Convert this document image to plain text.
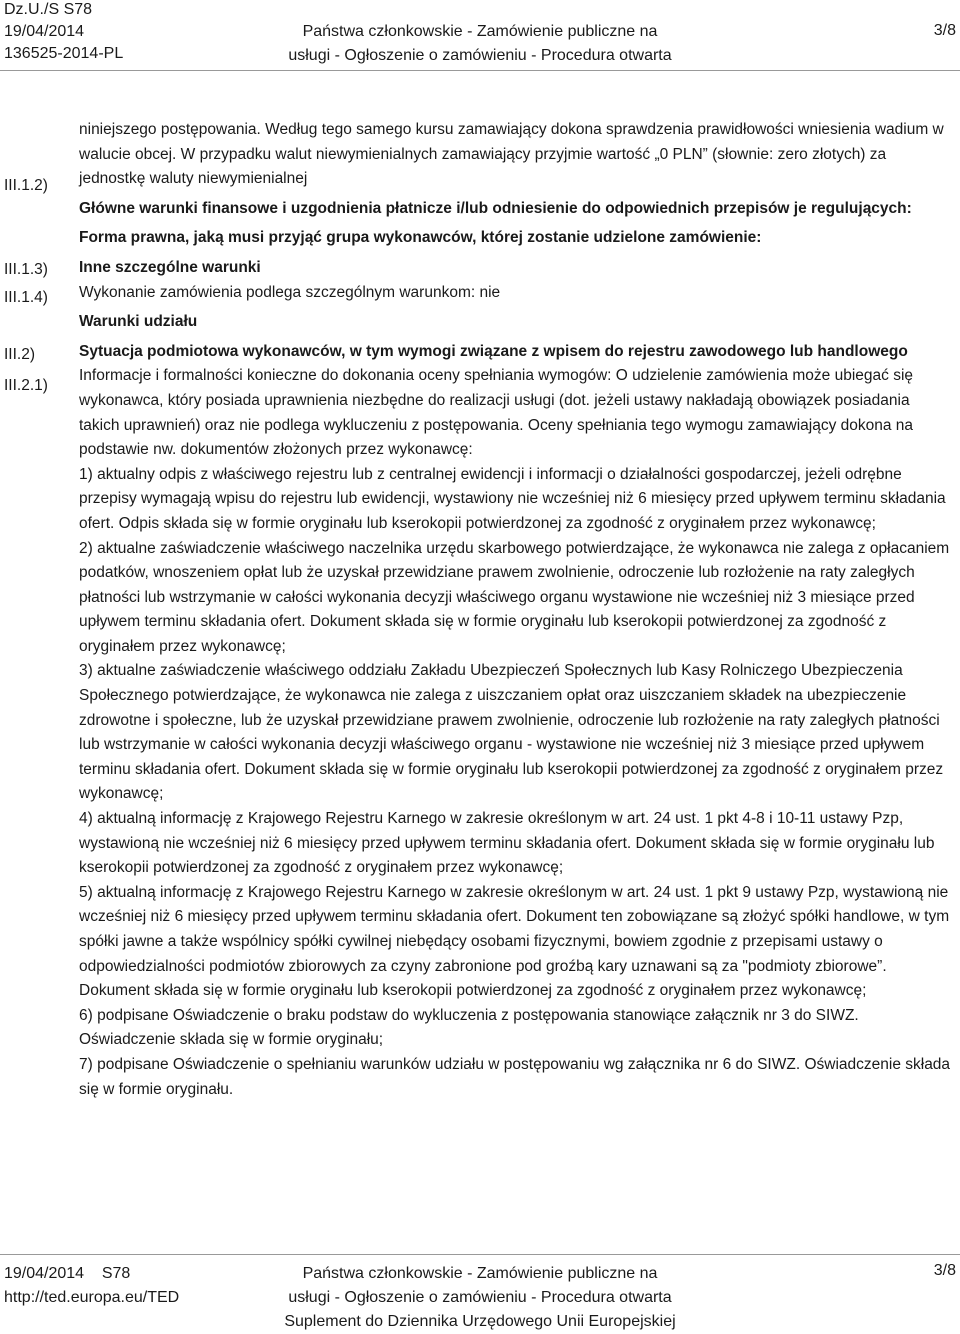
Dz.U./S S78
19/04/2014
136525-2014-PL
Państwa członkowskie - Zamówienie publiczne na
usługi - Ogłoszenie o zamówieniu - Procedura otwarta
3/8
III.1.2)
III.1.3)
III.1.4)
III.2)
III.2.1)

niniejszego postępowania. Według tego samego kursu zamawiający dokona sprawdzenia prawidłowości wniesienia wadium w walucie obcej. W przypadku walut niewymienialnych zamawiający przyjmie wartość „0 PLN” (słownie: zero złotych) za jednostkę waluty niewymienialnej

Główne warunki finansowe i uzgodnienia płatnicze i/lub odniesienie do odpowiednich przepisów je regulujących:

Forma prawna, jaką musi przyjąć grupa wykonawców, której zostanie udzielone zamówienie:

Inne szczególne warunki

Wykonanie zamówienia podlega szczególnym warunkom: nie

Warunki udziału

Sytuacja podmiotowa wykonawców, w tym wymogi związane z wpisem do rejestru zawodowego lub handlowego

Informacje i formalności konieczne do dokonania oceny spełniania wymogów: O udzielenie zamówienia może ubiegać się wykonawca, który posiada uprawnienia niezbędne do realizacji usługi (dot. jeżeli ustawy nakładają obowiązek posiadania takich uprawnień) oraz nie podlega wykluczeniu z postępowania. Oceny spełniania tego wymogu zamawiający dokona na podstawie nw. dokumentów złożonych przez wykonawcę:

1) aktualny odpis z właściwego rejestru lub z centralnej ewidencji i informacji o działalności gospodarczej, jeżeli odrębne przepisy wymagają wpisu do rejestru lub ewidencji, wystawiony nie wcześniej niż 6 miesięcy przed upływem terminu składania ofert. Odpis składa się w formie oryginału lub kserokopii potwierdzonej za zgodność z oryginałem przez wykonawcę;

2) aktualne zaświadczenie właściwego naczelnika urzędu skarbowego potwierdzające, że wykonawca nie zalega z opłacaniem podatków, wnoszeniem opłat lub że uzyskał przewidziane prawem zwolnienie, odroczenie lub rozłożenie na raty zaległych płatności lub wstrzymanie w całości wykonania decyzji właściwego organu wystawione nie wcześniej niż 3 miesiące przed upływem terminu składania ofert. Dokument składa się w formie oryginału lub kserokopii potwierdzonej za zgodność z oryginałem przez wykonawcę;

3) aktualne zaświadczenie właściwego oddziału Zakładu Ubezpieczeń Społecznych lub Kasy Rolniczego Ubezpieczenia Społecznego potwierdzające, że wykonawca nie zalega z uiszczaniem opłat oraz uiszczaniem składek na ubezpieczenie zdrowotne i społeczne, lub że uzyskał przewidziane prawem zwolnienie, odroczenie lub rozłożenie na raty zaległych płatności lub wstrzymanie w całości wykonania decyzji właściwego organu - wystawione nie wcześniej niż 3 miesiące przed upływem terminu składania ofert. Dokument składa się w formie oryginału lub kserokopii potwierdzonej za zgodność z oryginałem przez wykonawcę;

4) aktualną informację z Krajowego Rejestru Karnego w zakresie określonym w art. 24 ust. 1 pkt 4-8 i 10-11 ustawy Pzp, wystawioną nie wcześniej niż 6 miesięcy przed upływem terminu składania ofert. Dokument składa się w formie oryginału lub kserokopii potwierdzonej za zgodność z oryginałem przez wykonawcę;

5) aktualną informację z Krajowego Rejestru Karnego w zakresie określonym w art. 24 ust. 1 pkt 9 ustawy Pzp, wystawioną nie wcześniej niż 6 miesięcy przed upływem terminu składania ofert. Dokument ten zobowiązane są złożyć spółki handlowe, w tym spółki jawne a także wspólnicy spółki cywilnej niebędący osobami fizycznymi, bowiem zgodnie z przepisami ustawy o odpowiedzialności podmiotów zbiorowych za czyny zabronione pod groźbą kary uznawani są za "podmioty zbiorowe”. Dokument składa się w formie oryginału lub kserokopii potwierdzonej za zgodność z oryginałem przez wykonawcę;

6) podpisane Oświadczenie o braku podstaw do wykluczenia z postępowania stanowiące załącznik nr 3 do SIWZ. Oświadczenie składa się w formie oryginału;

7) podpisane Oświadczenie o spełnianiu warunków udziału w postępowaniu wg załącznika nr 6 do SIWZ. Oświadczenie składa się w formie oryginału.

19/04/2014 S78
http://ted.europa.eu/TED
Państwa członkowskie - Zamówienie publiczne na
usługi - Ogłoszenie o zamówieniu - Procedura otwarta
Suplement do Dziennika Urzędowego Unii Europejskiej
3/8
